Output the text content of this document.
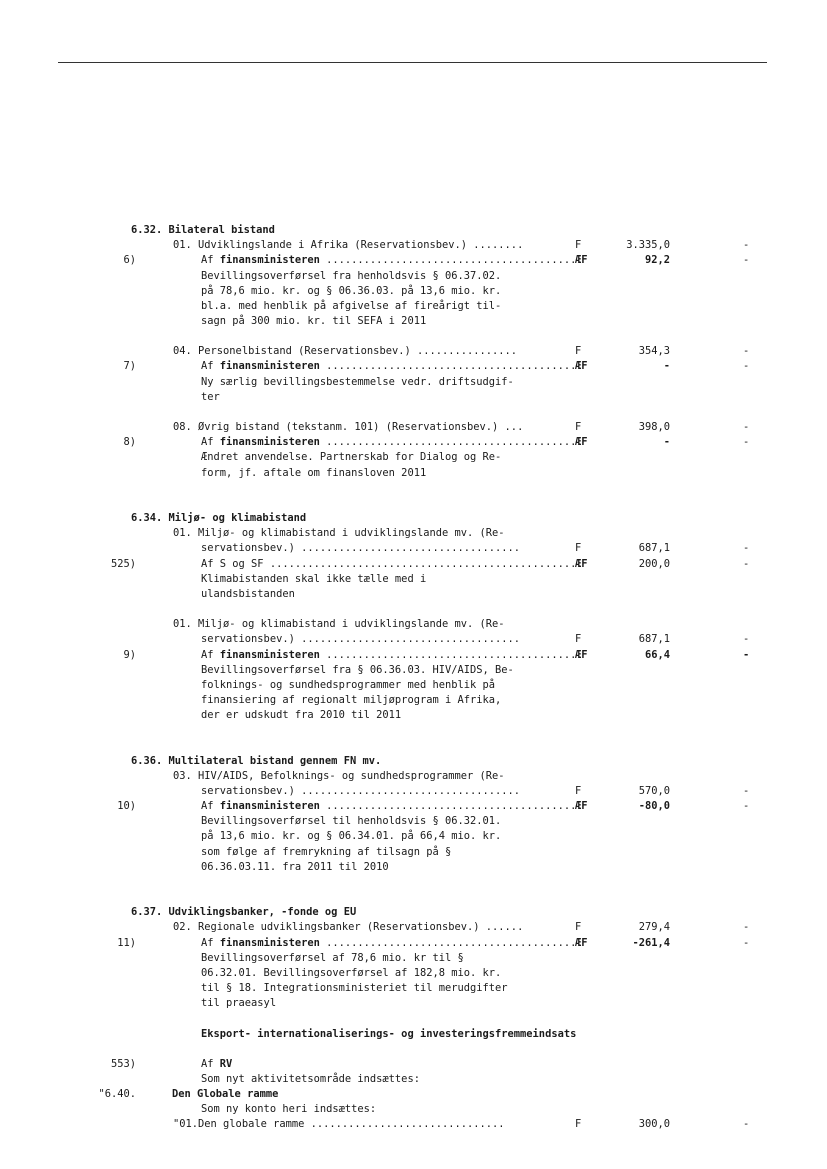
6.32. Bilateral bistand
01. Udviklingslande i Afrika (Reservationsbev.) ........	F	3.335,0	-
6)	Af finansministeren .....	ÆF	92,2	-
Bevillingsoverførsel fra henholdsvis § 06.37.02.
på 78,6 mio. kr. og § 06.36.03. på 13,6 mio. kr.
bl.a. med henblik på afgivelse af fireårigt til-
sagn på 300 mio. kr. til SEFA i 2011
04. Personelbistand (Reservationsbev.) ................	F	354,3	-
7)	Af finansministeren .....	ÆF	-	-
Ny særlig bevillingsbestemmelse vedr. driftsudgif-
ter
08. Øvrig bistand (tekstanm. 101) (Reservationsbev.) ...	F	398,0	-
8)	Af finansministeren .....	ÆF	-	-
Ændret anvendelse. Partnerskab for Dialog og Re-
form, jf. aftale om finansloven 2011
6.34. Miljø- og klimabistand
01. Miljø- og klimabistand i udviklingslande mv. (Re-
servationsbev.) ...................................	F	687,1	-
525)	Af S og SF .....	ÆF	200,0	-
Klimabistanden skal ikke tælle med i
ulandsbistanden
01. Miljø- og klimabistand i udviklingslande mv. (Re-
servationsbev.) ...................................	F	687,1	-
9)	Af finansministeren .....	ÆF	66,4	-
Bevillingsoverførsel fra § 06.36.03. HIV/AIDS, Be-
folknings- og sundhedsprogrammer med henblik på
finansiering af regionalt miljøprogram i Afrika,
der er udskudt fra 2010 til 2011
6.36. Multilateral bistand gennem FN mv.
03. HIV/AIDS, Befolknings- og sundhedsprogrammer (Re-
servationsbev.) ...................................	F	570,0	-
10)	Af finansministeren .....	ÆF	-80,0	-
Bevillingsoverførsel til henholdsvis § 06.32.01.
på 13,6 mio. kr. og § 06.34.01. på 66,4 mio. kr.
som følge af fremrykning af tilsagn på §
06.36.03.11. fra 2011 til 2010
6.37. Udviklingsbanker, -fonde og EU
02. Regionale udviklingsbanker (Reservationsbev.) ......	F	279,4	-
11)	Af finansministeren .....	ÆF	-261,4	-
Bevillingsoverførsel af 78,6 mio. kr til §
06.32.01. Bevillingsoverførsel af 182,8 mio. kr.
til § 18. Integrationsministeriet til merudgifter
til praeasyl
Eksport- internationaliserings- og investeringsfremmeindsats
553)	Af RV
Som nyt aktivitetsområde indsættes:
"6.40.	Den Globale ramme
Som ny konto heri indsættes:
"01.Den globale ramme ...............................	F	300,0	-
